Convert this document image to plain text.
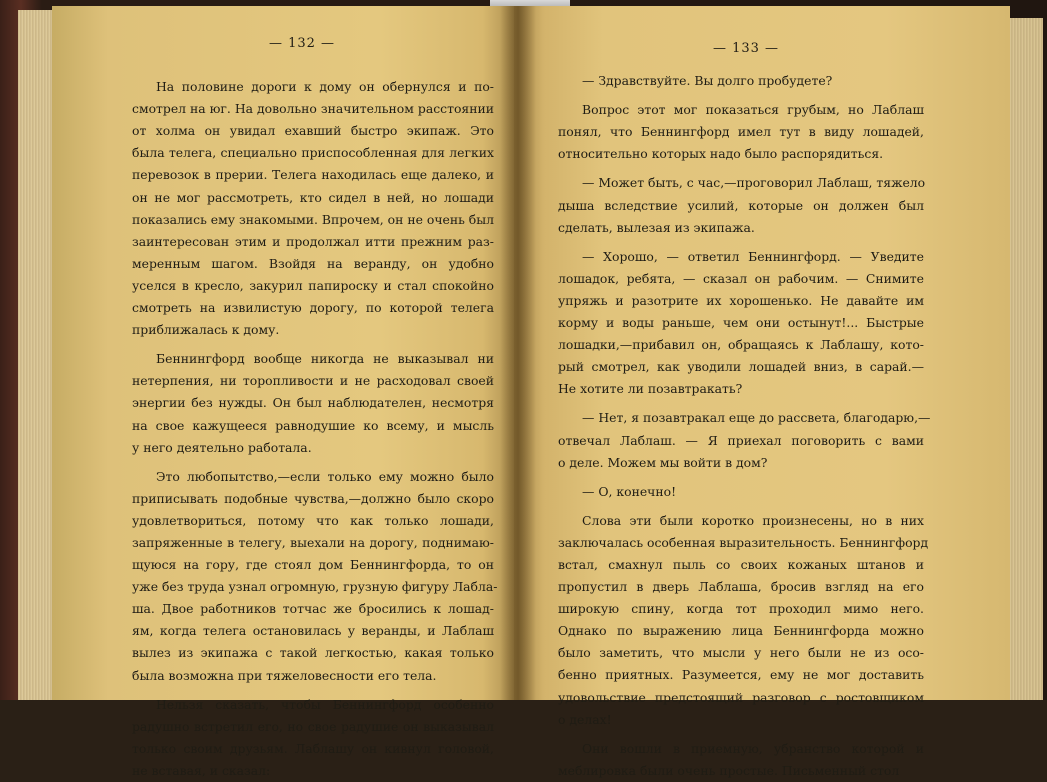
— 132 —

На половине дороги к дому он обернулся и по-
смотрел на юг. На довольно значительном расстоянии
от холма он увидал ехавший быстро экипаж. Это
была телега, специально приспособленная для легких
перевозок в прерии. Телега находилась еще далеко, и
он не мог рассмотреть, кто сидел в ней, но лошади
показались ему знакомыми. Впрочем, он не очень был
заинтересован этим и продолжал итти прежним раз-
меренным шагом. Взойдя на веранду, он удобно
уселся в кресло, закурил папироску и стал спокойно
смотреть на извилистую дорогу, по которой телега
приближалась к дому.

Беннингфорд вообще никогда не выказывал ни
нетерпения, ни торопливости и не расходовал своей
энергии без нужды. Он был наблюдателен, несмотря
на свое кажущееся равнодушие ко всему, и мысль
у него деятельно работала.

Это любопытство,—если только ему можно было
приписывать подобные чувства,—должно было скоро
удовлетвориться, потому что как только лошади,
запряженные в телегу, выехали на дорогу, поднимаю-
щуюся на гору, где стоял дом Беннингфорда, то он
уже без труда узнал огромную, грузную фигуру Лабла-
шa. Двое работников тотчас же бросились к лошад-
ям, когда телега остановилась у веранды, и Лаблаш
вылез из экипажа с такой легкостью, какая только
была возможна при тяжеловесности его тела.

Нельзя сказать, чтобы Беннингфорд особенно
радушно встретил его, но свое радушие он выказывал
только своим друзьям. Лаблашу он кивнул головой,
не вставая, и сказал:

— 133 —

— Здравствуйте. Вы долго пробудете?

Вопрос этот мог показаться грубым, но Лаблаш
понял, что Беннингфорд имел тут в виду лошадей,
относительно которых надо было распорядиться.

— Может быть, с час,—проговорил Лаблаш, тяжело
дыша вследствие усилий, которые он должен был
сделать, вылезая из экипажа.

— Хорошо, — ответил Беннингфорд. — Уведите
лошадок, ребята, — сказал он рабочим. — Снимите
упряжь и разотрите их хорошенько. Не давайте им
корму и воды раньше, чем они остынут!... Быстрые
лошадки,—прибавил он, обращаясь к Лаблашу, кото-
рый смотрел, как уводили лошадей вниз, в сарай.—
Не хотите ли позавтракать?

— Нет, я позавтракал еще до рассвета, благодарю,—
отвечал Лаблаш. — Я приехал поговорить с вами
о деле. Можем мы войти в дом?

— О, конечно!

Слова эти были коротко произнесены, но в них
заключалась особенная выразительность. Беннингфорд
встал, смахнул пыль со своих кожаных штанов и
пропустил в дверь Лаблаша, бросив взгляд на его
широкую спину, когда тот проходил мимо него.
Однако по выражению лица Беннингфорда можно
было заметить, что мысли у него были не из осо-
бенно приятных. Разумеется, ему не мог доставить
удовольствие предстоящий разговор с ростовщиком
о делах!

Они вошли в приемную, убранство которой и
меблировка были очень простые. Письменный стол
